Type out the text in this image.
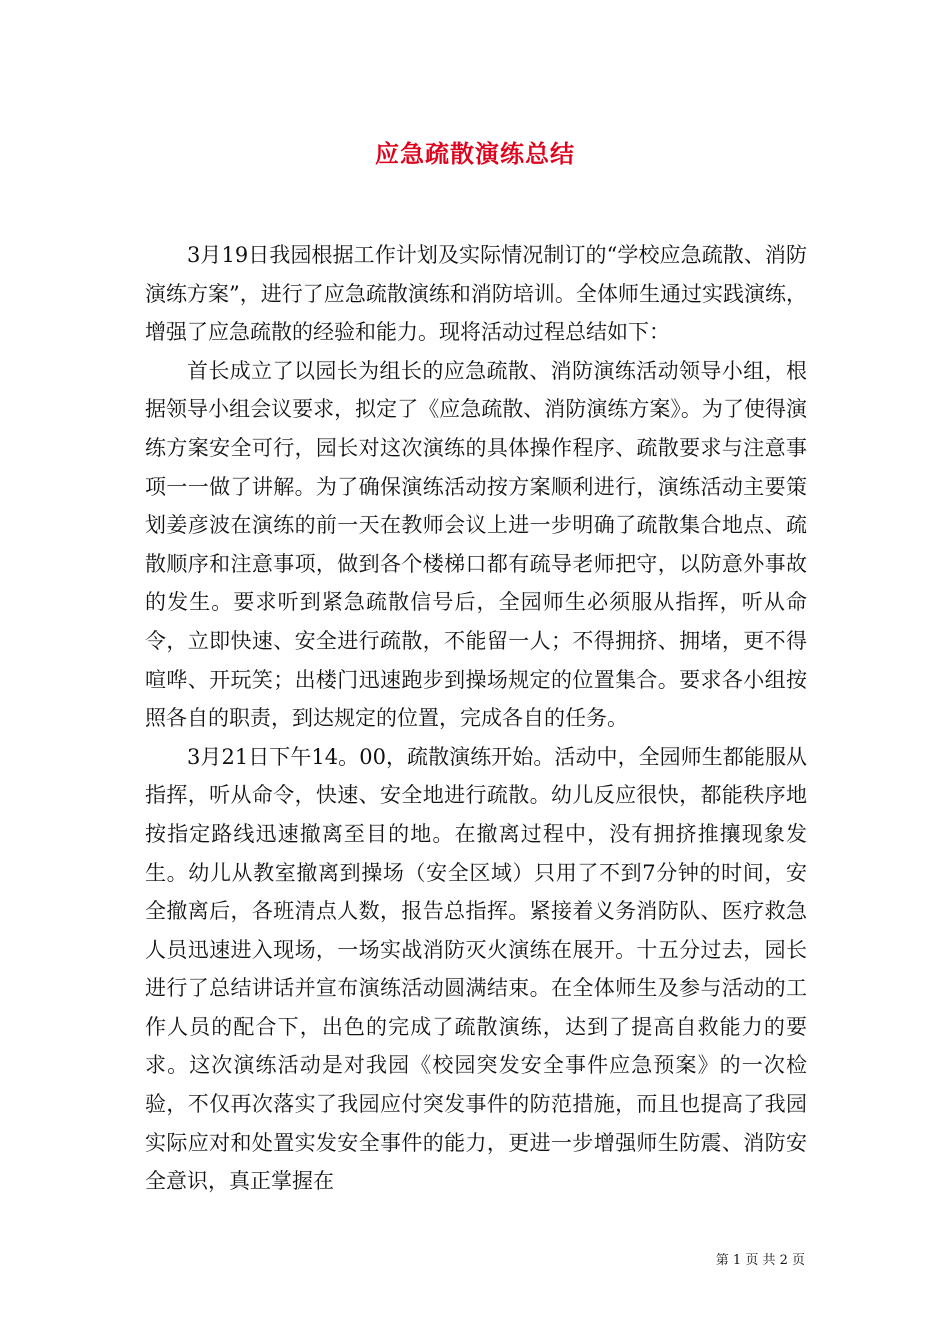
应急疏散演练总结

3月19日我园根据工作计划及实际情况制订的“学校应急疏散、消防演练方案”，进行了应急疏散演练和消防培训。全体师生通过实践演练，增强了应急疏散的经验和能力。现将活动过程总结如下：

首长成立了以园长为组长的应急疏散、消防演练活动领导小组，根据领导小组会议要求，拟定了《应急疏散、消防演练方案》。为了使得演练方案安全可行，园长对这次演练的具体操作程序、疏散要求与注意事项一一做了讲解。为了确保演练活动按方案顺利进行，演练活动主要策划姜彦波在演练的前一天在教师会议上进一步明确了疏散集合地点、疏散顺序和注意事项，做到各个楼梯口都有疏导老师把守，以防意外事故的发生。要求听到紧急疏散信号后，全园师生必须服从指挥，听从命令，立即快速、安全进行疏散，不能留一人；不得拥挤、拥堵，更不得喧哗、开玩笑；出楼门迅速跑步到操场规定的位置集合。要求各小组按照各自的职责，到达规定的位置，完成各自的任务。

3月21日下午14。00，疏散演练开始。活动中，全园师生都能服从指挥，听从命令，快速、安全地进行疏散。幼儿反应很快，都能秩序地按指定路线迅速撤离至目的地。在撤离过程中，没有拥挤推攘现象发生。幼儿从教室撤离到操场（安全区域）只用了不到7分钟的时间，安全撤离后，各班清点人数，报告总指挥。紧接着义务消防队、医疗救急人员迅速进入现场，一场实战消防灭火演练在展开。十五分过去，园长进行了总结讲话并宣布演练活动圆满结束。在全体师生及参与活动的工作人员的配合下，出色的完成了疏散演练，达到了提高自救能力的要求。这次演练活动是对我园《校园突发安全事件应急预案》的一次检验，不仅再次落实了我园应付突发事件的防范措施，而且也提高了我园实际应对和处置实发安全事件的能力，更进一步增强师生防震、消防安全意识，真正掌握在

第 1 页 共 2 页
